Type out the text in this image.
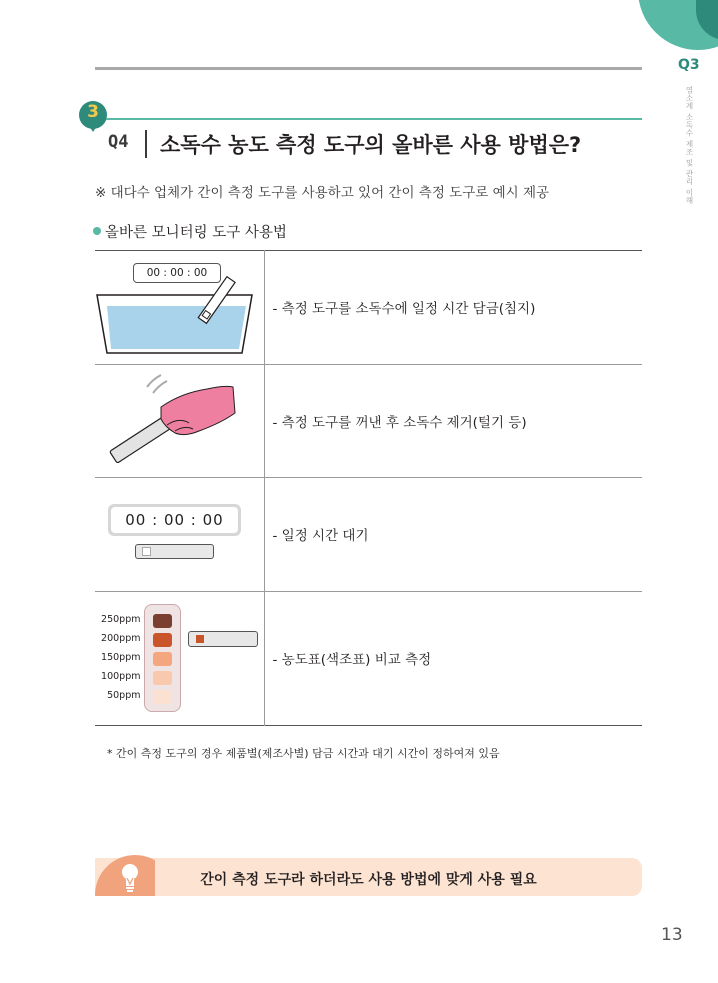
Q3
염소계 소독수 제조 및 관리 이해
3
Q4 소독수 농도 측정 도구의 올바른 사용 방법은?
※ 대다수 업체가 간이 측정 도구를 사용하고 있어 간이 측정 도구로 예시 제공
올바른 모니터링 도구 사용법
00 : 00 : 00	- 측정 도구를 소독수에 일정 시간 담금(침지)

	- 측정 도구를 꺼낸 후 소독수 제거(털기 등)

00 : 00 : 00	- 일정 시간 대기

250ppm
200ppm
150ppm
100ppm
50ppm	- 농도표(색조표) 비교 측정
* 간이 측정 도구의 경우 제품별(제조사별) 담금 시간과 대기 시간이 정하여져 있음
간이 측정 도구라 하더라도 사용 방법에 맞게 사용 필요
13
